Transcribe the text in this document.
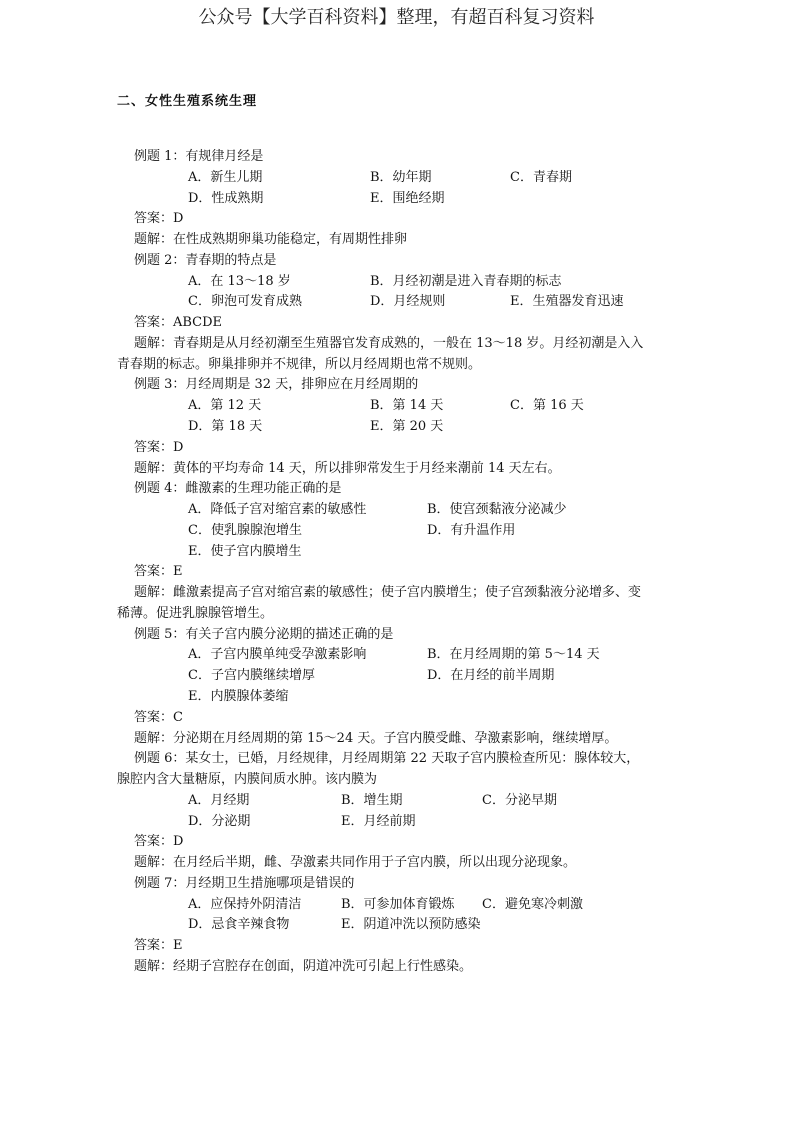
公众号【大学百科资料】整理，有超百科复习资料
二、女性生殖系统生理
例题 1：有规律月经是
A．新生儿期	B．幼年期	C．青春期
D．性成熟期	E．围绝经期
答案：D
题解：在性成熟期卵巢功能稳定，有周期性排卵
例题 2：青春期的特点是
A．在 13～18 岁	B．月经初潮是进入青春期的标志
C．卵泡可发育成熟	D．月经规则	E．生殖器发育迅速
答案：ABCDE
题解：青春期是从月经初潮至生殖器官发育成熟的，一般在 13～18 岁。月经初潮是入入
青春期的标志。卵巢排卵并不规律，所以月经周期也常不规则。
例题 3：月经周期是 32 天，排卵应在月经周期的
A．第 12 天	B．第 14 天	C．第 16 天
D．第 18 天	E．第 20 天
答案：D
题解：黄体的平均寿命 14 天，所以排卵常发生于月经来潮前 14 天左右。
例题 4：雌激素的生理功能正确的是
A．降低子宫对缩宫素的敏感性	B．使宫颈黏液分泌减少
C．使乳腺腺泡增生	D．有升温作用
E．使子宫内膜增生
答案：E
题解：雌激素提高子宫对缩宫素的敏感性；使子宫内膜增生；使子宫颈黏液分泌增多、变
稀薄。促进乳腺腺管增生。
例题 5：有关子宫内膜分泌期的描述正确的是
A．子宫内膜单纯受孕激素影响	B．在月经周期的第 5～14 天
C．子宫内膜继续增厚	D．在月经的前半周期
E．内膜腺体萎缩
答案：C
题解：分泌期在月经周期的第 15～24 天。子宫内膜受雌、孕激素影响，继续增厚。
例题 6：某女士，已婚，月经规律，月经周期第 22 天取子宫内膜检查所见：腺体较大，
腺腔内含大量糖原，内膜间质水肿。该内膜为
A．月经期	B．增生期	C．分泌早期
D．分泌期	E．月经前期
答案：D
题解：在月经后半期，雌、孕激素共同作用于子宫内膜，所以出现分泌现象。
例题 7：月经期卫生措施哪项是错误的
A．应保持外阴清洁	B．可参加体育锻炼 C．避免寒冷刺激
D．忌食辛辣食物	E．阴道冲洗以预防感染
答案：E
题解：经期子宫腔存在创面，阴道冲洗可引起上行性感染。
